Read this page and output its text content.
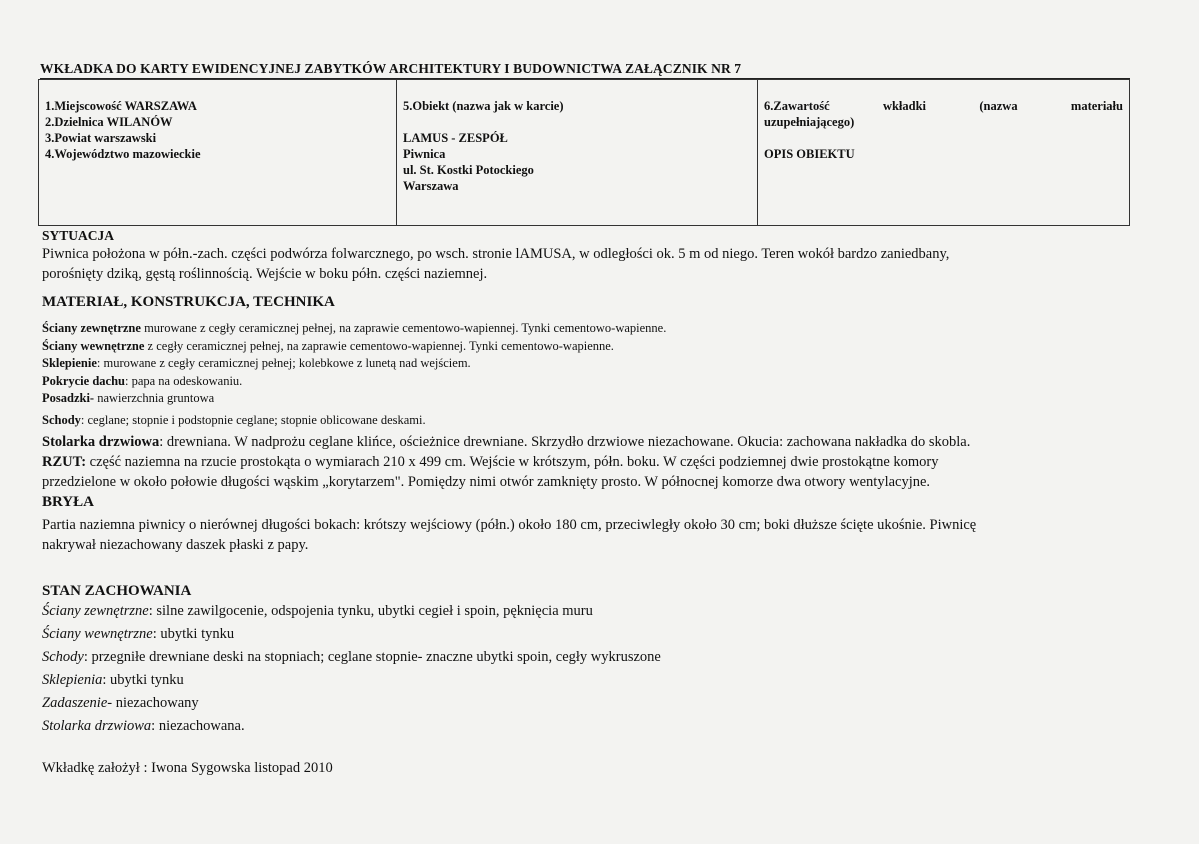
WKŁADKA DO KARTY EWIDENCYJNEJ ZABYTKÓW ARCHITEKTURY I BUDOWNICTWA ZAŁĄCZNIK NR 7
1.Miejscowość WARSZAWA
2.Dzielnica WILANÓW
3.Powiat warszawski
4.Województwo mazowieckie

5.Obiekt (nazwa jak w karcie)
LAMUS - ZESPÓŁ
Piwnica
ul. St. Kostki Potockiego
Warszawa

6.Zawartość	wkładki	(nazwa	materiału
uzupełniającego)
OPIS OBIEKTU
SYTUACJA
Piwnica położona w półn.-zach. części podwórza folwarcznego, po wsch. stronie lAMUSA, w odległości ok. 5 m od niego. Teren wokół bardzo zaniedbany,
porośnięty dziką, gęstą roślinnością. Wejście w boku półn. części naziemnej.
MATERIAŁ, KONSTRUKCJA, TECHNIKA
Ściany zewnętrzne murowane z cegły ceramicznej pełnej, na zaprawie cementowo-wapiennej. Tynki cementowo-wapienne.
Ściany wewnętrzne z cegły ceramicznej pełnej, na zaprawie cementowo-wapiennej. Tynki cementowo-wapienne.
Sklepienie: murowane z cegły ceramicznej pełnej; kolebkowe z lunetą nad wejściem.
Pokrycie dachu: papa na odeskowaniu.
Posadzki- nawierzchnia gruntowa
Schody: ceglane; stopnie i podstopnie ceglane; stopnie oblicowane deskami.
Stolarka drzwiowa: drewniana. W nadprożu ceglane klińce, ościeżnice drewniane. Skrzydło drzwiowe niezachowane. Okucia: zachowana nakładka do skobla.
RZUT: część naziemna na rzucie prostokąta o wymiarach 210 x 499 cm. Wejście w krótszym, półn. boku. W części podziemnej dwie prostokątne komory
przedzielone w około połowie długości wąskim „korytarzem". Pomiędzy nimi otwór zamknięty prosto. W północnej komorze dwa otwory wentylacyjne.
BRYŁA
Partia naziemna piwnicy o nierównej długości bokach: krótszy wejściowy (półn.) około 180 cm, przeciwległy około 30 cm; boki dłuższe ścięte ukośnie. Piwnicę
nakrywał niezachowany daszek płaski z papy.
STAN ZACHOWANIA
Ściany zewnętrzne: silne zawilgocenie, odspojenia tynku, ubytki cegieł i spoin, pęknięcia muru
Ściany wewnętrzne: ubytki tynku
Schody: przegniłe drewniane deski na stopniach; ceglane stopnie- znaczne ubytki spoin, cegły wykruszone
Sklepienia: ubytki tynku
Zadaszenie- niezachowany
Stolarka drzwiowa: niezachowana.
Wkładkę założył : Iwona Sygowska listopad 2010
